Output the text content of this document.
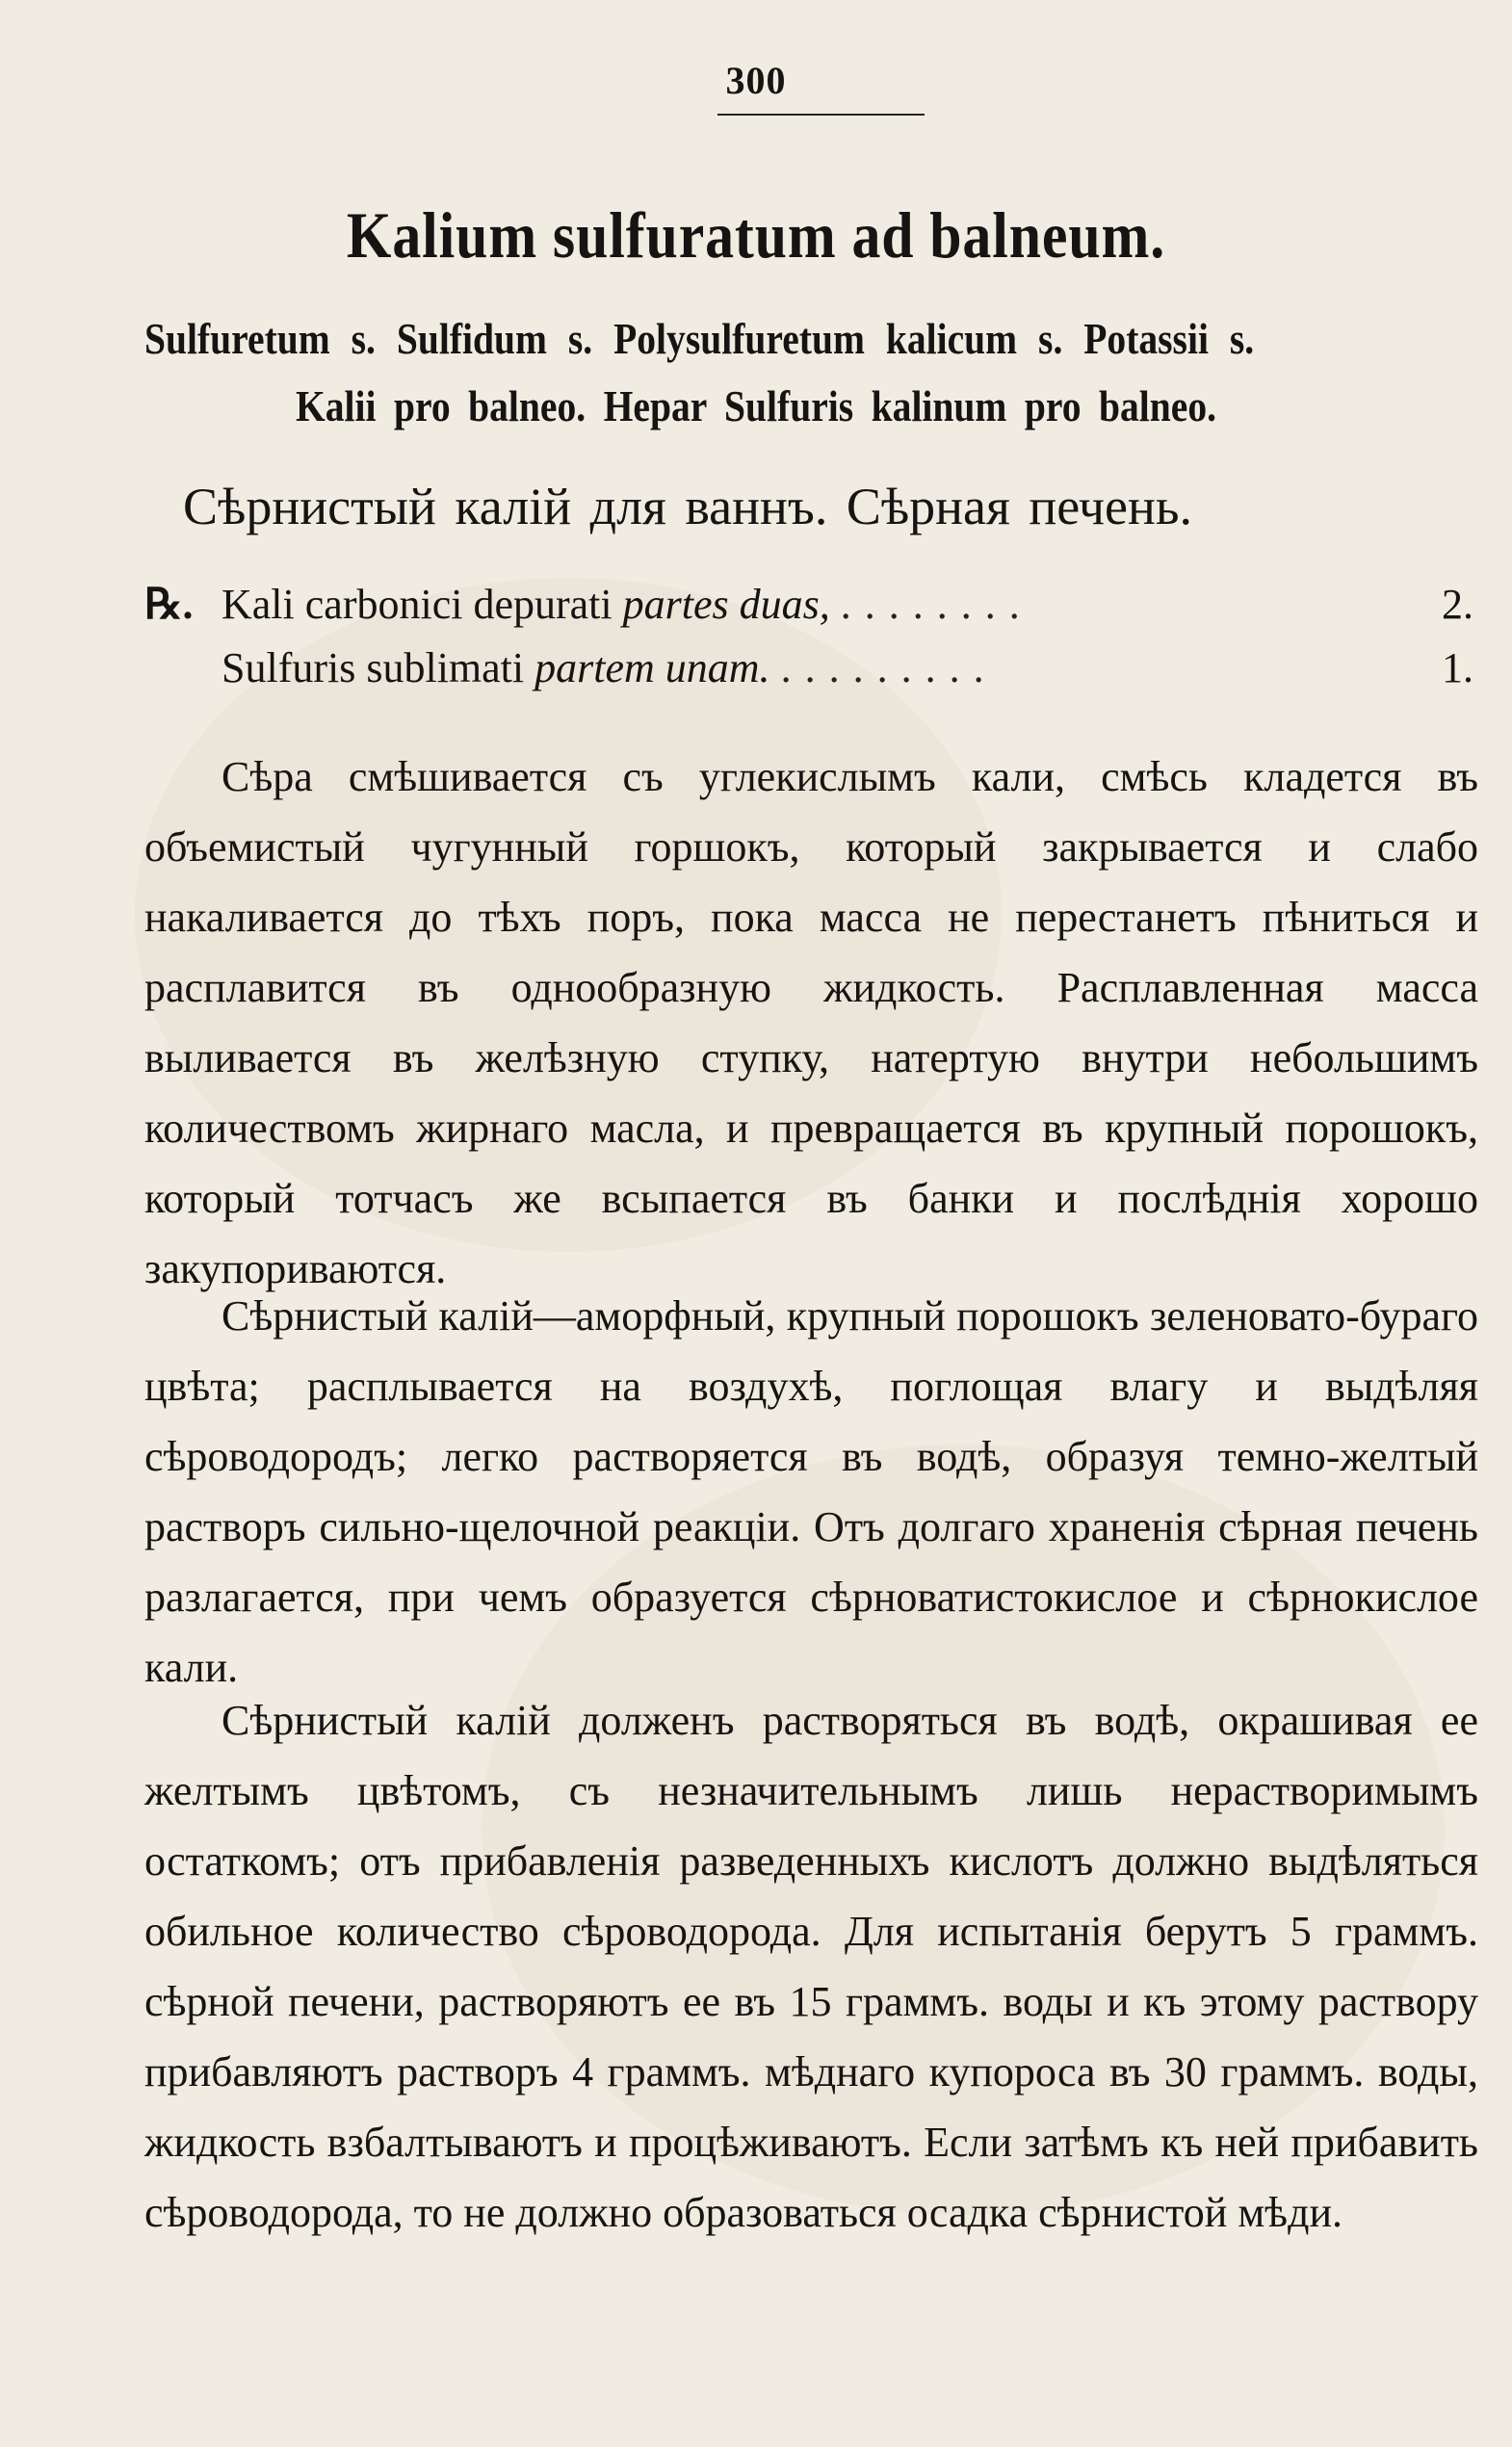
300
Kalium sulfuratum ad balneum.
Sulfuretum s. Sulfidum s. Polysulfuretum kalicum s. Potassii s.
Kalii pro balneo. Hepar Sulfuris kalinum pro balneo.
Сѣрнистый калій для ваннъ. Сѣрная печень.
℞. Kali carbonici depurati partes duas, ........	2.
Sulfuris sublimati partem unam. .........	1.

Сѣра смѣшивается съ углекислымъ кали, смѣсь кладется въ объемистый чугунный горшокъ, который закрывается и слабо накаливается до тѣхъ поръ, пока масса не перестанетъ пѣниться и расплавится въ однообразную жидкость. Расплавленная масса выливается въ желѣзную ступку, натертую внутри небольшимъ количествомъ жирнаго масла, и превращается въ крупный порошокъ, который тотчасъ же всыпается въ банки и послѣднія хорошо закупориваются.

Сѣрнистый калій—аморфный, крупный порошокъ зеленовато-бураго цвѣта; расплывается на воздухѣ, поглощая влагу и выдѣляя сѣроводородъ; легко растворяется въ водѣ, образуя темно-желтый растворъ сильно-щелочной реакціи. Отъ долгаго храненія сѣрная печень разлагается, при чемъ образуется сѣрноватистокислое и сѣрнокислое кали.

Сѣрнистый калій долженъ растворяться въ водѣ, окрашивая ее желтымъ цвѣтомъ, съ незначительнымъ лишь нерастворимымъ остаткомъ; отъ прибавленія разведенныхъ кислотъ должно выдѣляться обильное количество сѣроводорода. Для испытанія берутъ 5 граммъ. сѣрной печени, растворяютъ ее въ 15 граммъ. воды и къ этому раствору прибавляютъ растворъ 4 граммъ. мѣднаго купороса въ 30 граммъ. воды, жидкость взбалтываютъ и процѣживаютъ. Если затѣмъ къ ней прибавить сѣроводорода, то не должно образоваться осадка сѣрнистой мѣди.
